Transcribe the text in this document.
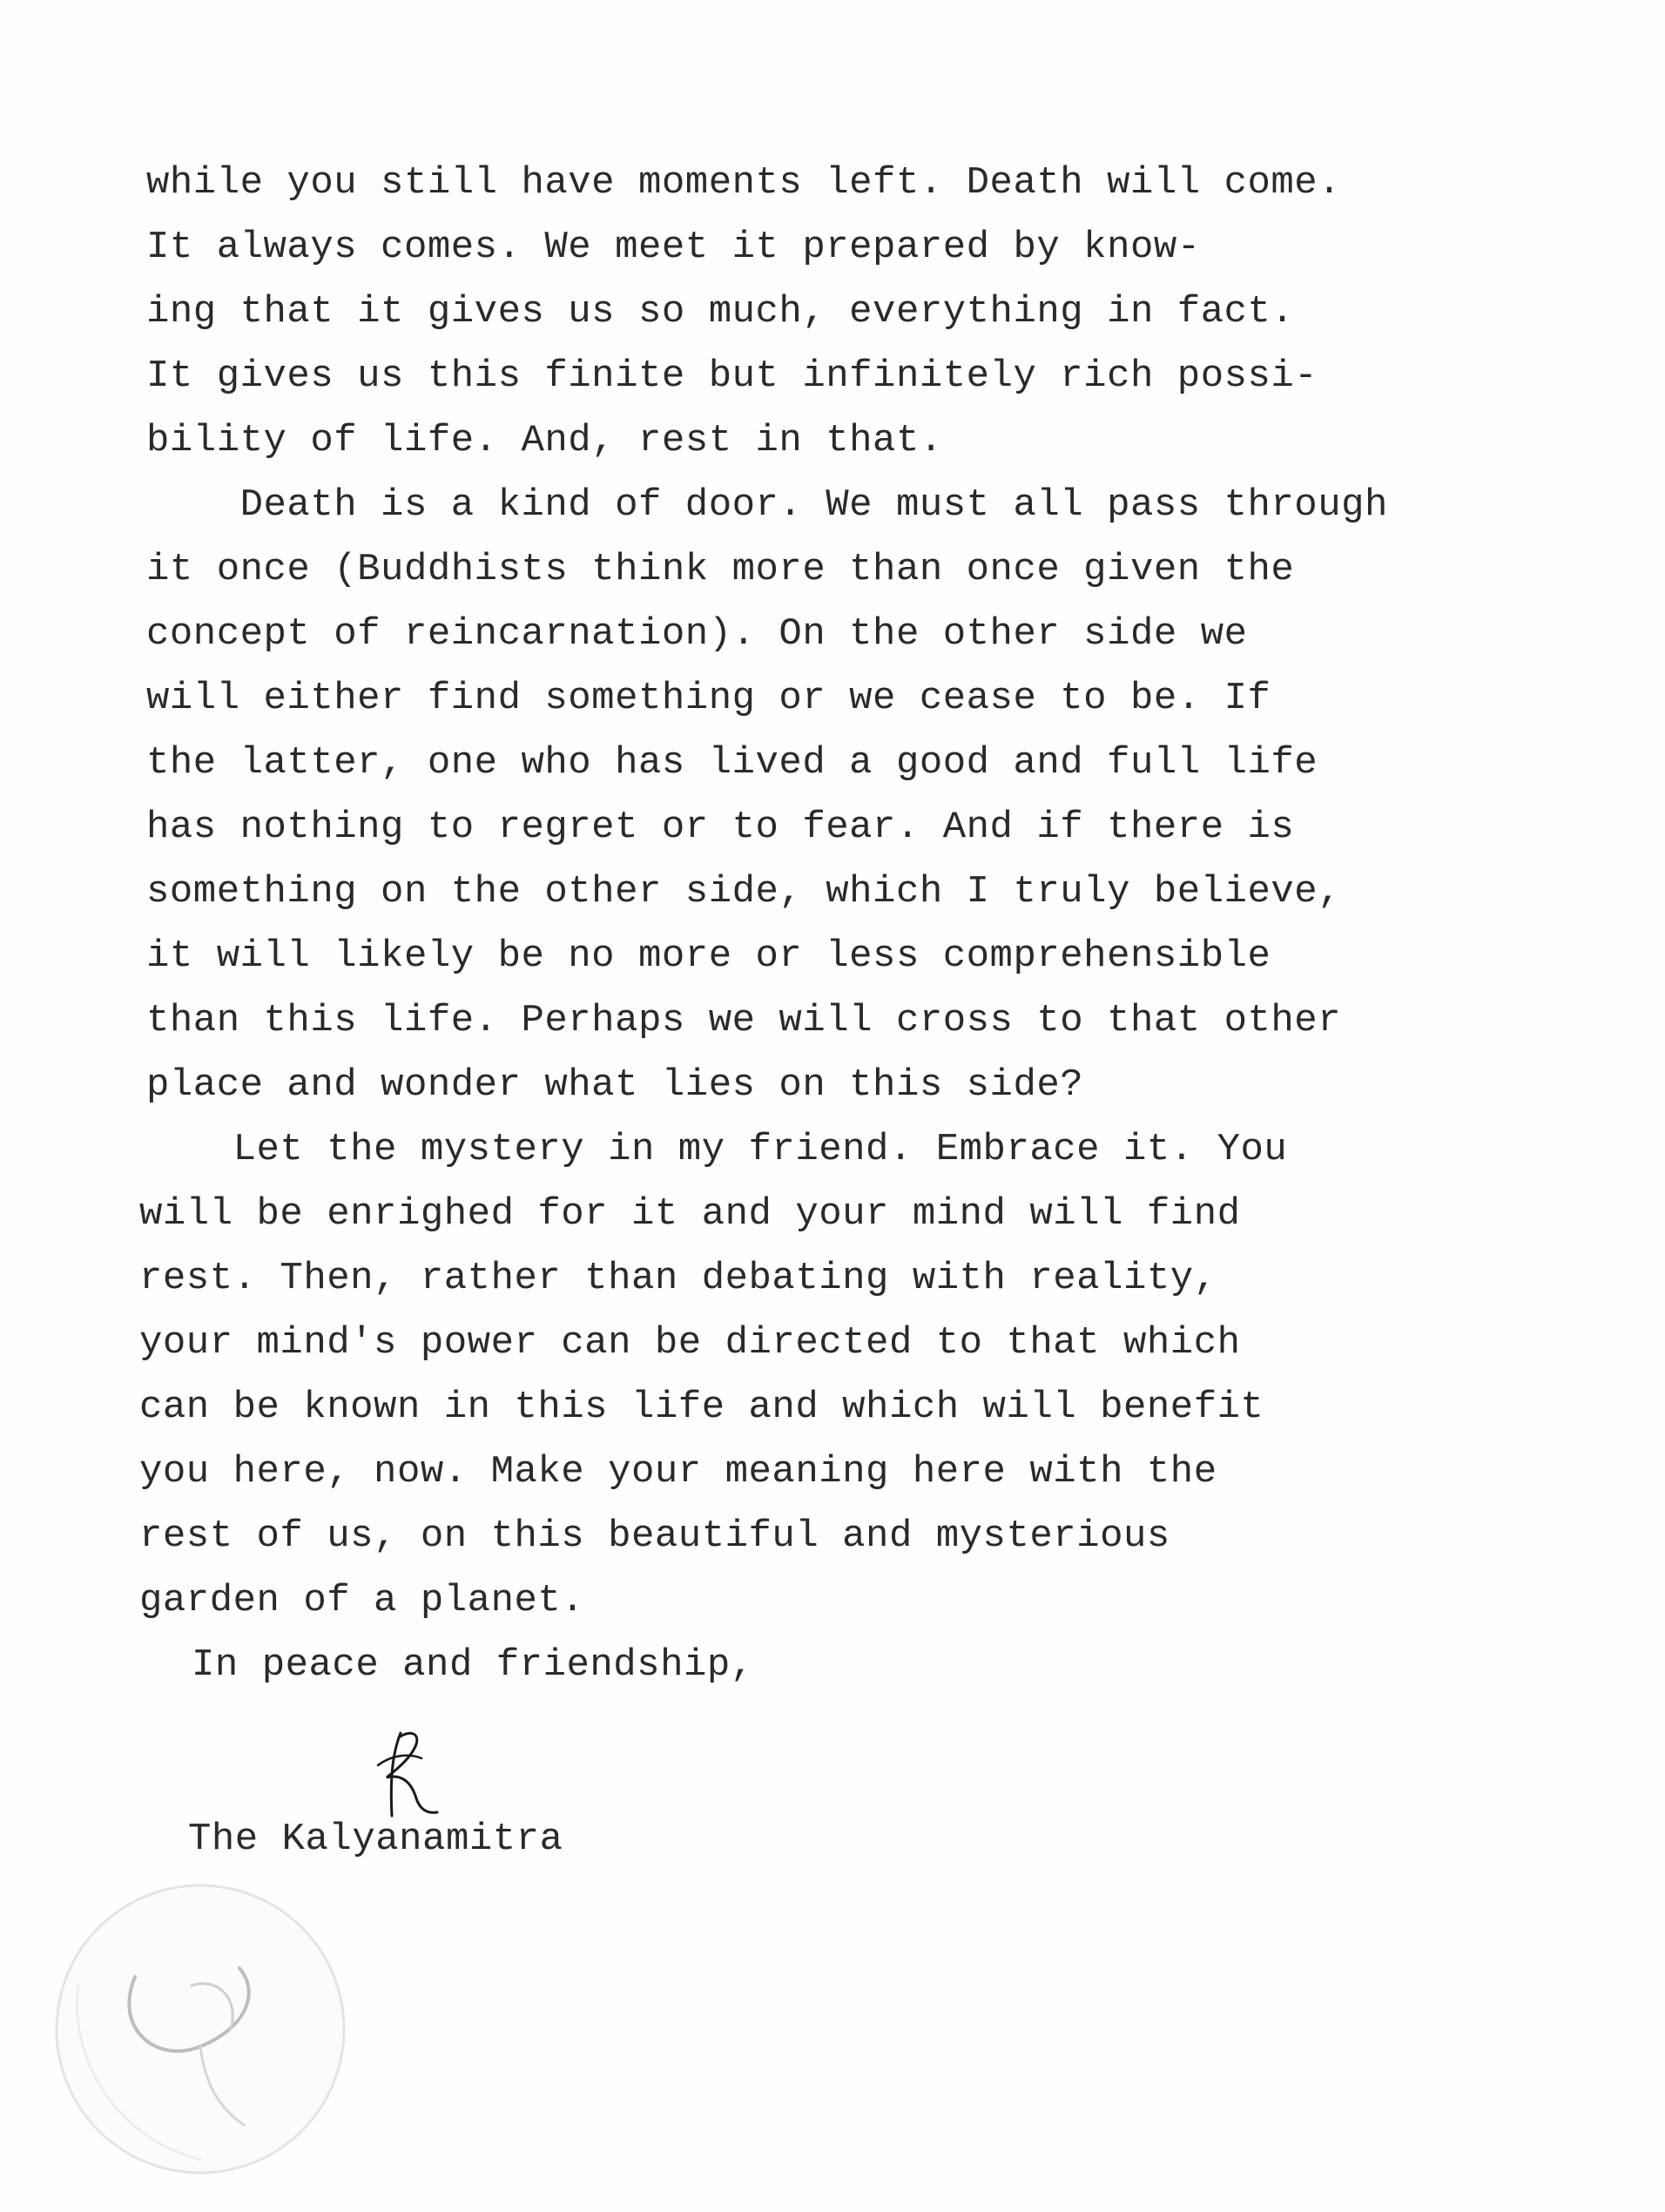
while you still have moments left. Death will come.
It always comes. We meet it prepared by know-
ing that it gives us so much, everything in fact.
It gives us this finite but infinitely rich possi-
bility of life. And, rest in that.
Death is a kind of door. We must all pass through
it once (Buddhists think more than once given the
concept of reincarnation). On the other side we
will either find something or we cease to be. If
the latter, one who has lived a good and full life
has nothing to regret or to fear. And if there is
something on the other side, which I truly believe,
it will likely be no more or less comprehensible
than this life. Perhaps we will cross to that other
place and wonder what lies on this side?
Let the mystery in my friend. Embrace it. You
will be enrighed for it and your mind will find
rest. Then, rather than debating with reality,
your mind's power can be directed to that which
can be known in this life and which will benefit
you here, now. Make your meaning here with the
rest of us, on this beautiful and mysterious
garden of a planet.
In peace and friendship,
The Kalyanamitra
